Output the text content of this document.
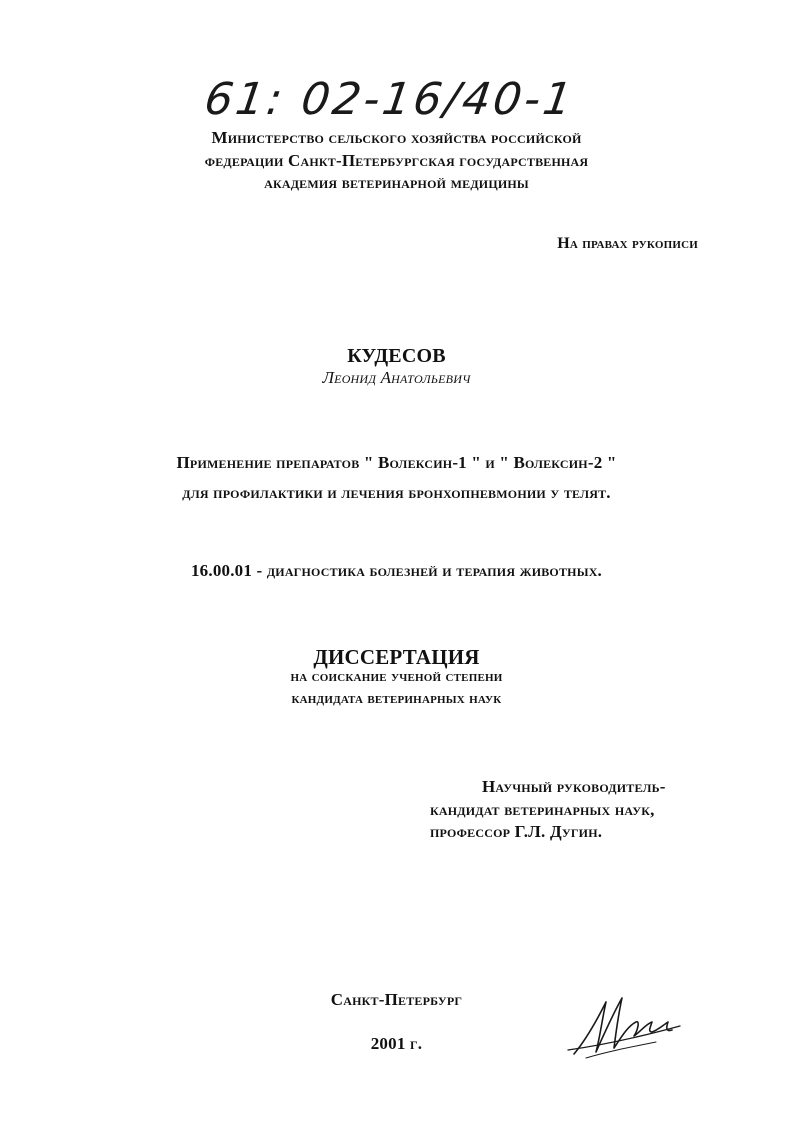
61: 02-16/40-1
Министерство сельского хозяйства российской
федерации Санкт-Петербургская государственная
академия ветеринарной медицины
На правах рукописи
КУДЕСОВ
Леонид Анатольевич
Применение препаратов " Волексин-1 " и " Волексин-2 "
для профилактики и лечения бронхопневмонии у телят.
16.00.01 - диагностика болезней и терапия животных.
ДИССЕРТАЦИЯ
на соискание ученой степени
кандидата ветеринарных наук
Научный руководитель-
кандидат ветеринарных наук,
профессор Г.Л. Дугин.
Санкт-Петербург
2001 г.
